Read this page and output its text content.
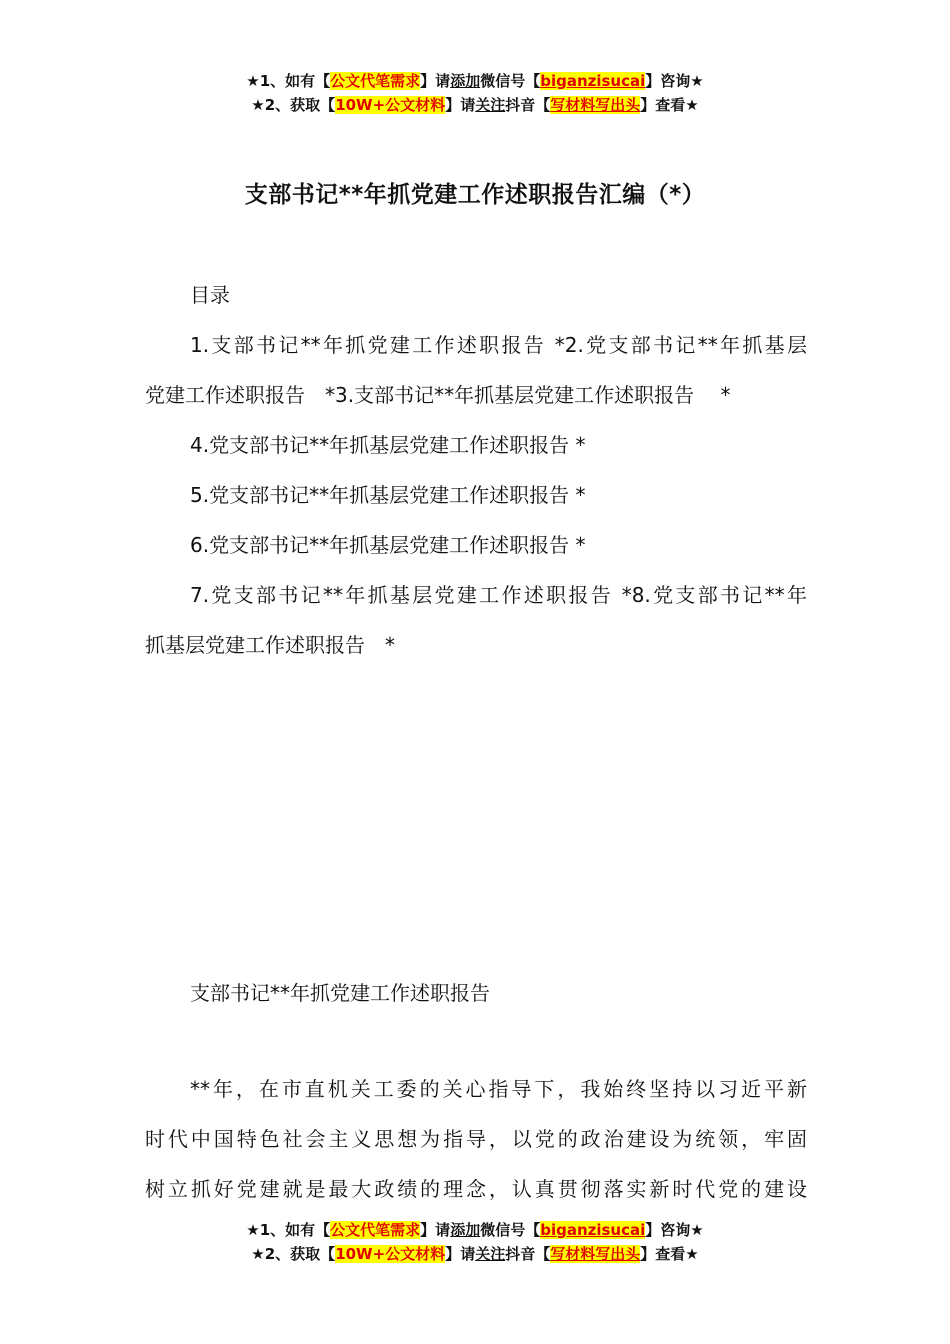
★1、如有【公文代笔需求】请添加微信号【biganzisucai】咨询★
★2、获取【10W+公文材料】请关注抖音【写材料写出头】查看★
支部书记**年抓党建工作述职报告汇编（*）

目录

1.支部书记**年抓党建工作述职报告 *2.党支部书记**年抓基层

党建工作述职报告　*3.支部书记**年抓基层党建工作述职报告　 *

4.党支部书记**年抓基层党建工作述职报告 *

5.党支部书记**年抓基层党建工作述职报告 *

6.党支部书记**年抓基层党建工作述职报告 *

7.党支部书记**年抓基层党建工作述职报告 *8.党支部书记**年

抓基层党建工作述职报告　*

支部书记**年抓党建工作述职报告

**年，在市直机关工委的关心指导下，我始终坚持以习近平新

时代中国特色社会主义思想为指导，以党的政治建设为统领，牢固

树立抓好党建就是最大政绩的理念，认真贯彻落实新时代党的建设

★1、如有【公文代笔需求】请添加微信号【biganzisucai】咨询★
★2、获取【10W+公文材料】请关注抖音【写材料写出头】查看★
